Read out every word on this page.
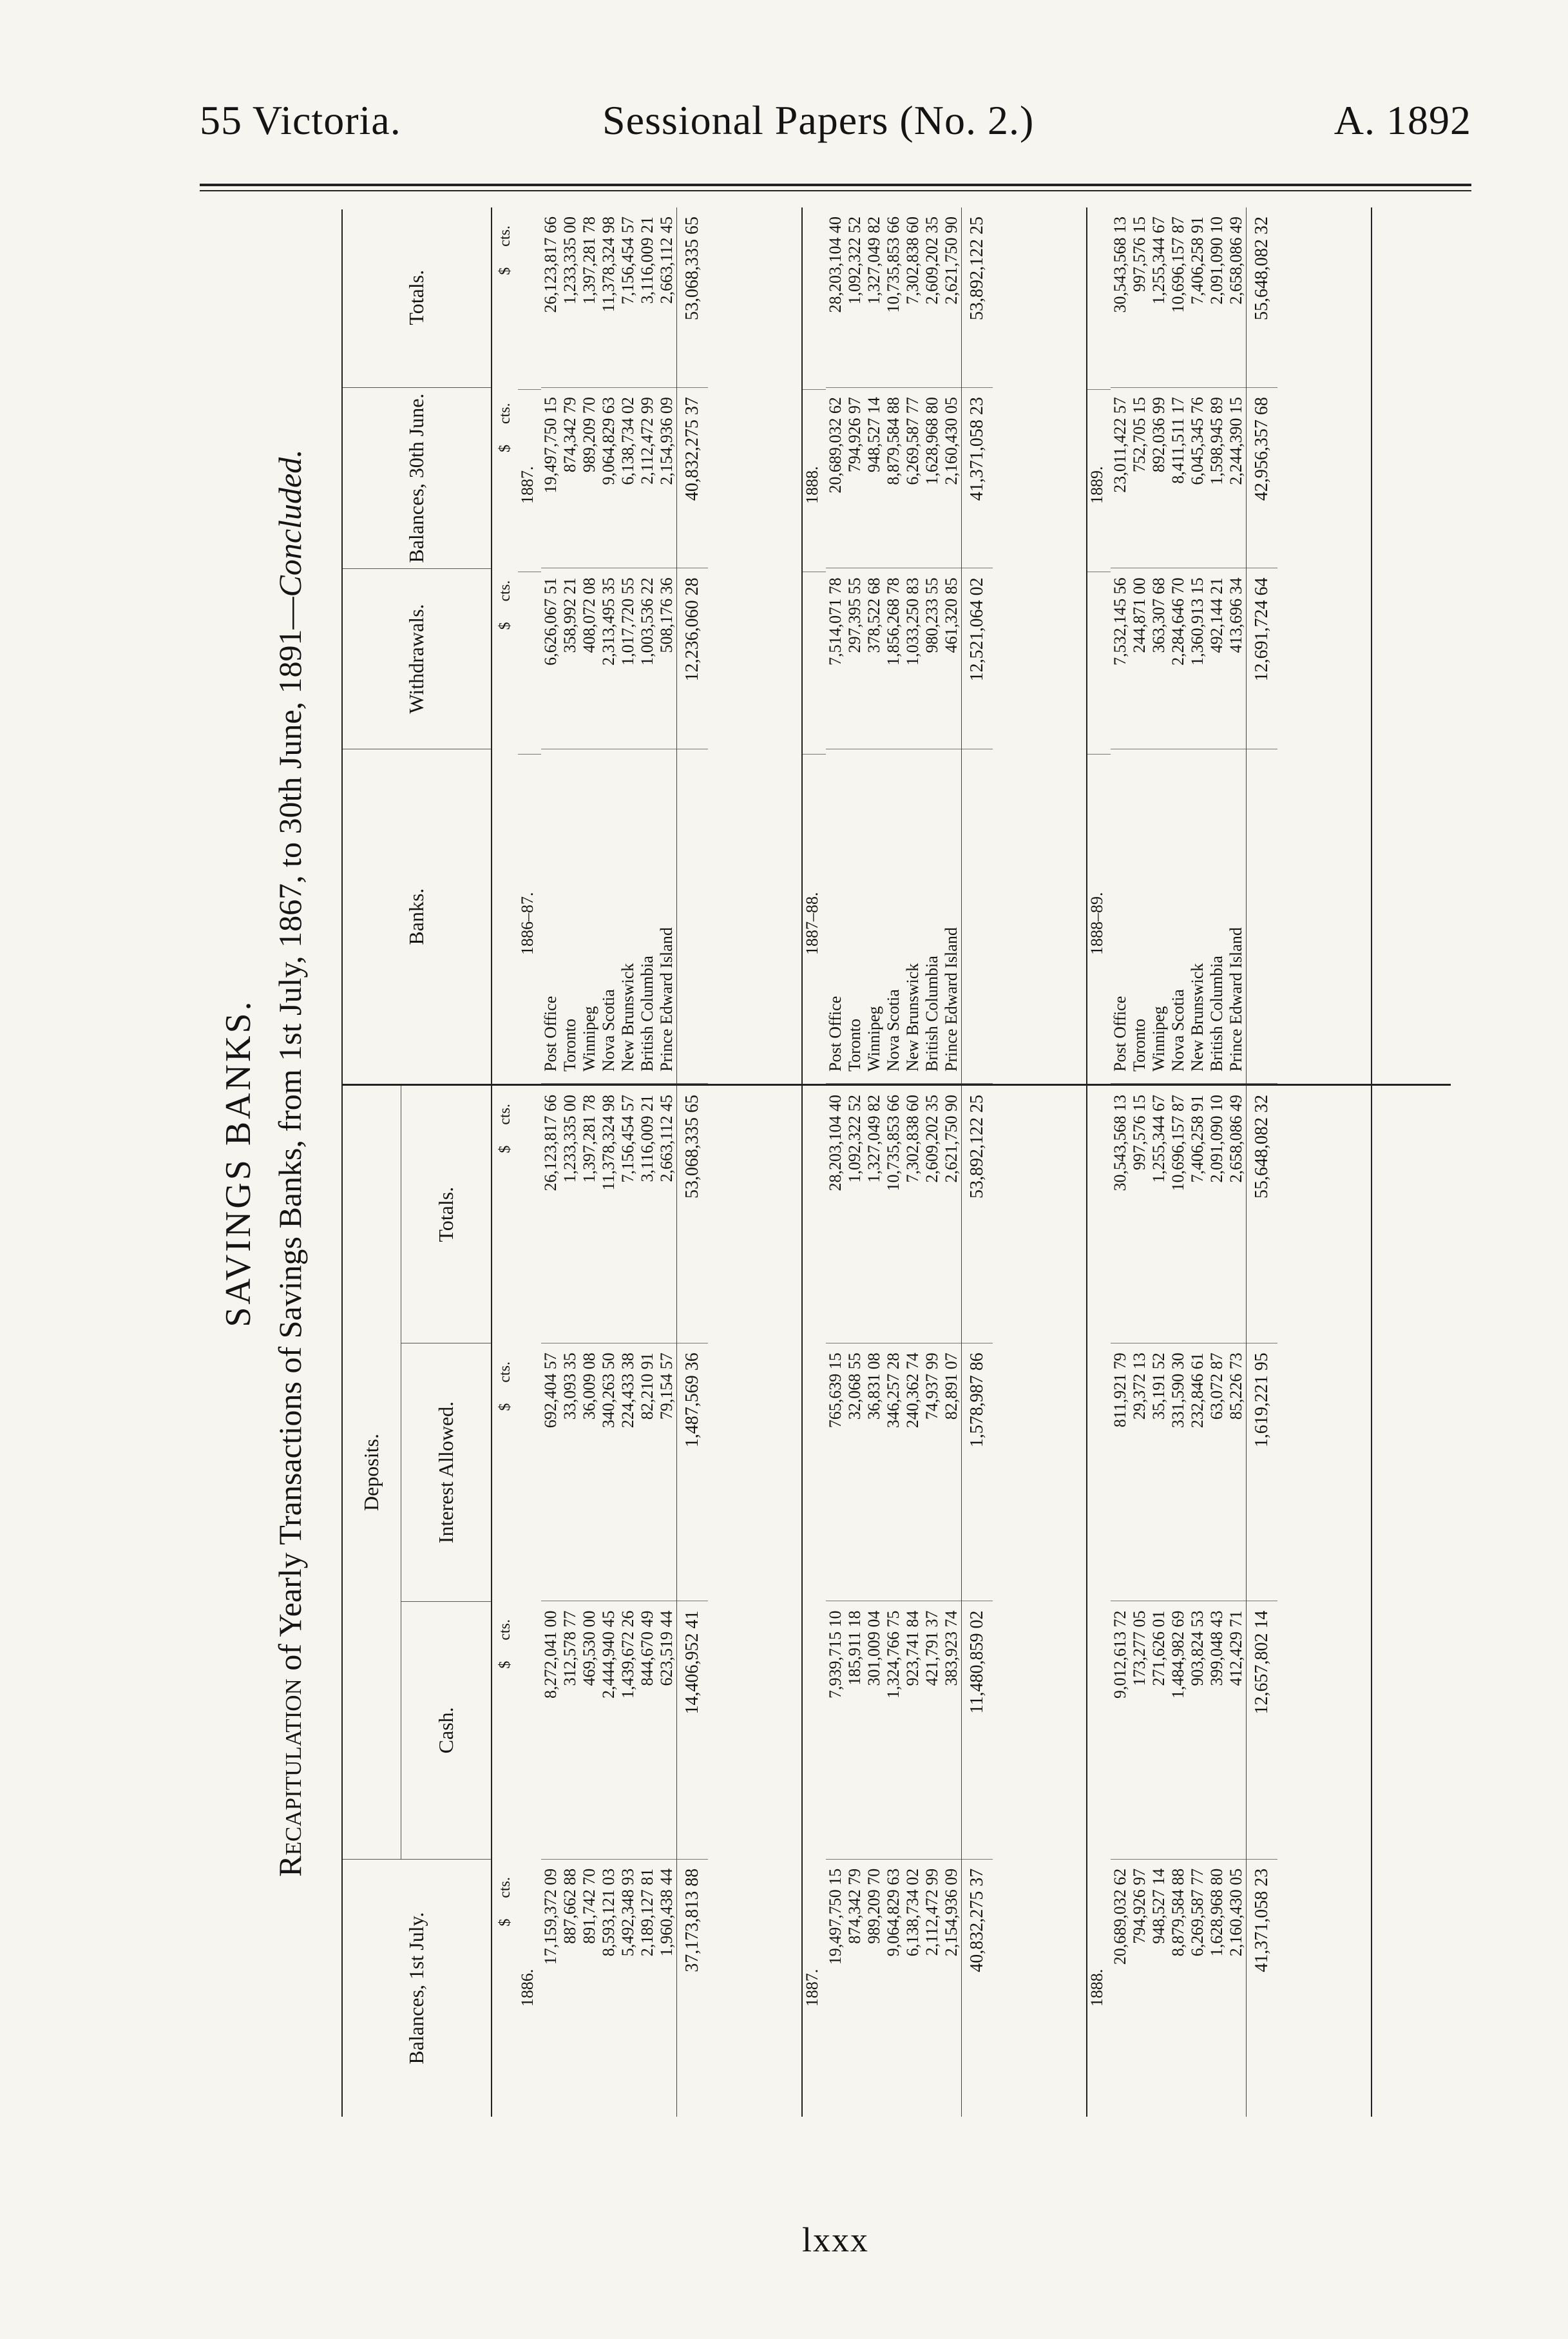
55 Victoria.	Sessional Papers (No. 2.)	A. 1892
SAVINGS BANKS.
Recapitulation of Yearly Transactions of Savings Banks, from 1st July, 1867, to 30th June, 1891—Concluded.
Balances, 1st July.
Deposits.
Cash.
Interest Allowed.
Totals.
$   cts.
$   cts.
$   cts.
$   cts.
1886.
17,159,372 09
8,272,041 00
692,404 57
26,123,817 66
887,662 88
312,578 77
33,093 35
1,233,335 00
891,742 70
469,530 00
36,009 08
1,397,281 78
8,593,121 03
2,444,940 45
340,263 50
11,378,324 98
5,492,348 93
1,439,672 26
224,433 38
7,156,454 57
2,189,127 81
844,670 49
82,210 91
3,116,009 21
1,960,438 44
623,519 44
79,154 57
2,663,112 45
37,173,813 88
14,406,952 41
1,487,569 36
53,068,335 65
1887.
19,497,750 15
7,939,715 10
765,639 15
28,203,104 40
874,342 79
185,911 18
32,068 55
1,092,322 52
989,209 70
301,009 04
36,831 08
1,327,049 82
9,064,829 63
1,324,766 75
346,257 28
10,735,853 66
6,138,734 02
923,741 84
240,362 74
7,302,838 60
2,112,472 99
421,791 37
74,937 99
2,609,202 35
2,154,936 09
383,923 74
82,891 07
2,621,750 90
40,832,275 37
11,480,859 02
1,578,987 86
53,892,122 25
1888.
20,689,032 62
9,012,613 72
811,921 79
30,543,568 13
794,926 97
173,277 05
29,372 13
997,576 15
948,527 14
271,626 01
35,191 52
1,255,344 67
8,879,584 88
1,484,982 69
331,590 30
10,696,157 87
6,269,587 77
903,824 53
232,846 61
7,406,258 91
1,628,968 80
399,048 43
63,072 87
2,091,090 10
2,160,430 05
412,429 71
85,226 73
2,658,086 49
41,371,058 23
12,657,802 14
1,619,221 95
55,648,082 32
Banks.
Withdrawals.
Balances, 30th June.
Totals.
$   cts.
$   cts.
$   cts.
1886–87.
1887.
Post Office
6,626,067 51
19,497,750 15
26,123,817 66
Toronto
358,992 21
874,342 79
1,233,335 00
Winnipeg
408,072 08
989,209 70
1,397,281 78
Nova Scotia
2,313,495 35
9,064,829 63
11,378,324 98
New Brunswick
1,017,720 55
6,138,734 02
7,156,454 57
British Columbia
1,003,536 22
2,112,472 99
3,116,009 21
Prince Edward Island
508,176 36
2,154,936 09
2,663,112 45
12,236,060 28
40,832,275 37
53,068,335 65
1887–88.
1888.
Post Office
7,514,071 78
20,689,032 62
28,203,104 40
Toronto
297,395 55
794,926 97
1,092,322 52
Winnipeg
378,522 68
948,527 14
1,327,049 82
Nova Scotia
1,856,268 78
8,879,584 88
10,735,853 66
New Brunswick
1,033,250 83
6,269,587 77
7,302,838 60
British Columbia
980,233 55
1,628,968 80
2,609,202 35
Prince Edward Island
461,320 85
2,160,430 05
2,621,750 90
12,521,064 02
41,371,058 23
53,892,122 25
1888–89.
1889.
Post Office
7,532,145 56
23,011,422 57
30,543,568 13
Toronto
244,871 00
752,705 15
997,576 15
Winnipeg
363,307 68
892,036 99
1,255,344 67
Nova Scotia
2,284,646 70
8,411,511 17
10,696,157 87
New Brunswick
1,360,913 15
6,045,345 76
7,406,258 91
British Columbia
492,144 21
1,598,945 89
2,091,090 10
Prince Edward Island
413,696 34
2,244,390 15
2,658,086 49
12,691,724 64
42,956,357 68
55,648,082 32
lxxx
